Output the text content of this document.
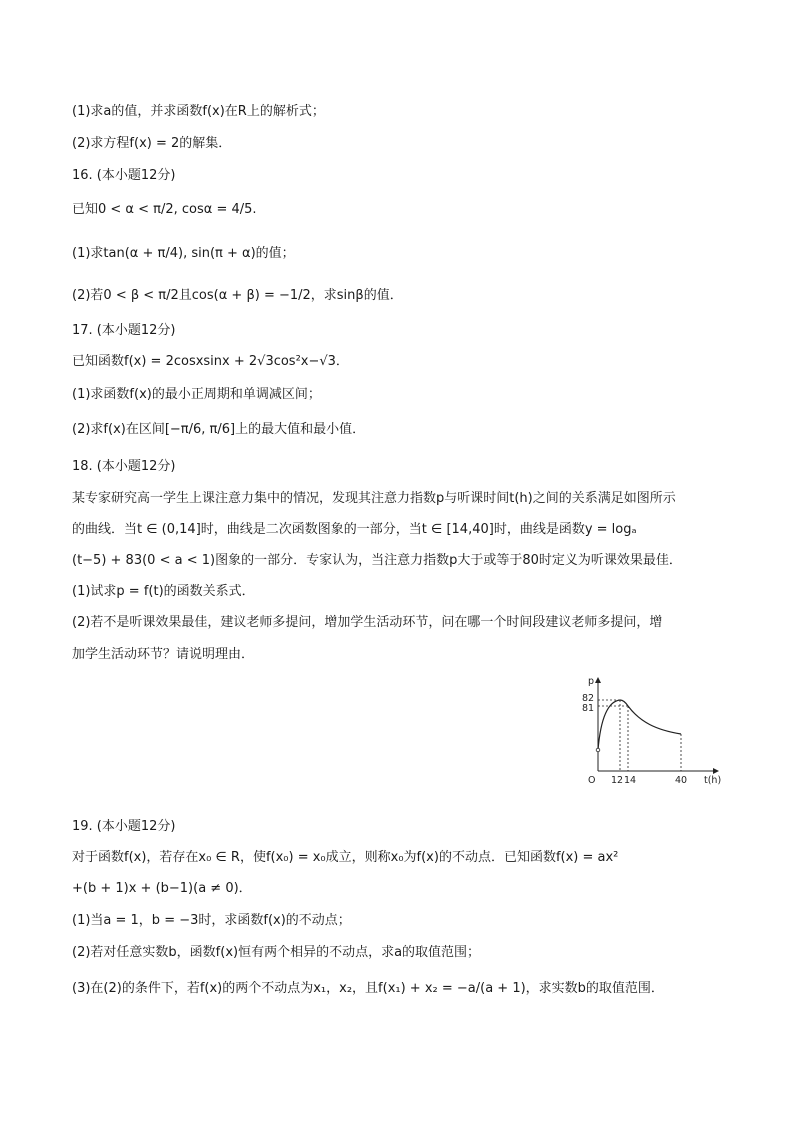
(1)求a的值，并求函数f(x)在R上的解析式；
(2)求方程f(x) = 2的解集．
16. (本小题12分)
已知0 < α < π/2, cosα = 4/5.
(1)求tan(α + π/4), sin(π + α)的值；
(2)若0 < β < π/2且cos(α + β) = −1/2，求sinβ的值．
17. (本小题12分)
已知函数f(x) = 2cosxsinx + 2√3cos²x−√3．
(1)求函数f(x)的最小正周期和单调减区间；
(2)求f(x)在区间[−π/6, π/6]上的最大值和最小值．
18. (本小题12分)
某专家研究高一学生上课注意力集中的情况，发现其注意力指数p与听课时间t(h)之间的关系满足如图所示
的曲线．当t ∈ (0,14]时，曲线是二次函数图象的一部分，当t ∈ [14,40]时，曲线是函数y = logₐ
(t−5) + 83(0 < a < 1)图象的一部分．专家认为，当注意力指数p大于或等于80时定义为听课效果最佳．
(1)试求p = f(t)的函数关系式．
(2)若不是听课效果最佳，建议老师多提问，增加学生活动环节，问在哪一个时间段建议老师多提问，增
加学生活动环节？请说明理由．
p
t(h)
O
82
81
12 14	40
19. (本小题12分)
对于函数f(x)，若存在x₀ ∈ R，使f(x₀) = x₀成立，则称x₀为f(x)的不动点．已知函数f(x) = ax²
+(b + 1)x + (b−1)(a ≠ 0)．
(1)当a = 1，b = −3时，求函数f(x)的不动点；
(2)若对任意实数b，函数f(x)恒有两个相异的不动点，求a的取值范围；
(3)在(2)的条件下，若f(x)的两个不动点为x₁，x₂，且f(x₁) + x₂ = −a/(a + 1)，求实数b的取值范围．
